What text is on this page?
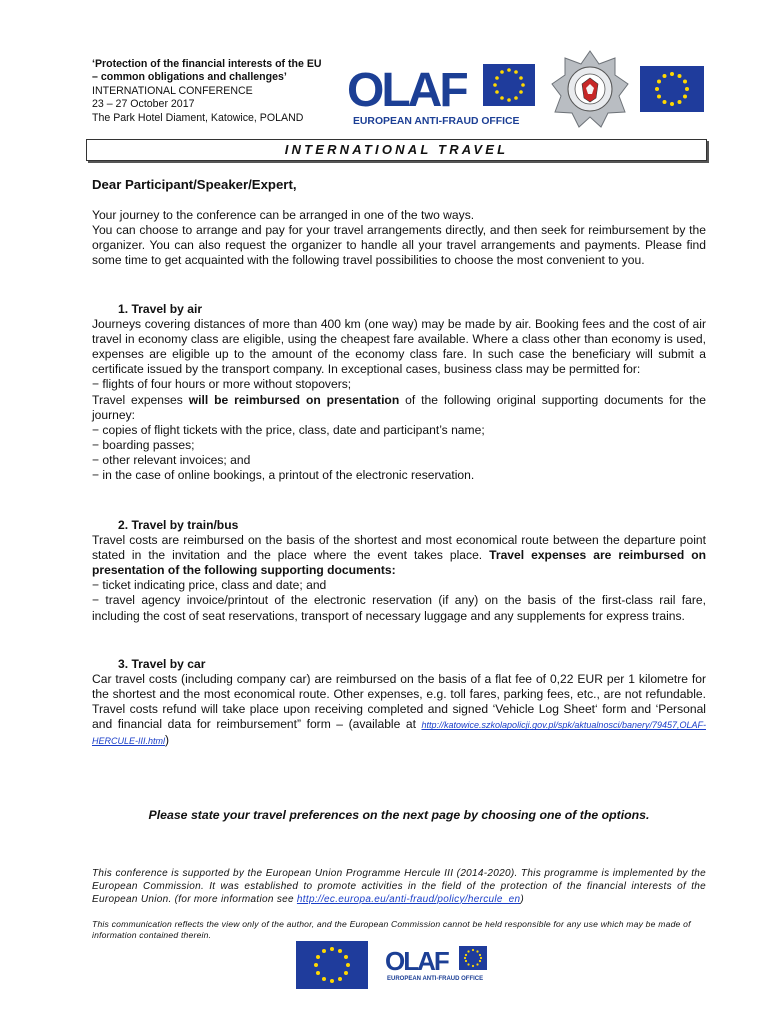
‘Protection of the financial interests of the EU
– common obligations and challenges’
INTERNATIONAL CONFERENCE
23 – 27 October 2017
The Park Hotel Diament, Katowice, POLAND
OLAF
EUROPEAN ANTI-FRAUD OFFICE
INTERNATIONAL TRAVEL
Dear Participant/Speaker/Expert,

Your journey to the conference can be arranged in one of the two ways.

You can choose to arrange and pay for your travel arrangements directly, and then seek for reimbursement by the organizer. You can also request the organizer to handle all your travel arrangements and payments. Please find some time to get acquainted with the following travel possibilities to choose the most convenient to you.

1. Travel by air

Journeys covering distances of more than 400 km (one way) may be made by air. Booking fees and the cost of air travel in economy class are eligible, using the cheapest fare available. Where a class other than economy is used, expenses are eligible up to the amount of the economy class fare. In such case the beneficiary will submit a certificate issued by the transport company. In exceptional cases, business class may be permitted for:

− flights of four hours or more without stopovers;

Travel expenses will be reimbursed on presentation of the following original supporting documents for the journey:

− copies of flight tickets with the price, class, date and participant’s name;

− boarding passes;

− other relevant invoices; and

− in the case of online bookings, a printout of the electronic reservation.

2. Travel by train/bus

Travel costs are reimbursed on the basis of the shortest and most economical route between the departure point stated in the invitation and the place where the event takes place. Travel expenses are reimbursed on presentation of the following supporting documents:

− ticket indicating price, class and date; and

− travel agency invoice/printout of the electronic reservation (if any) on the basis of the first-class rail fare, including the cost of seat reservations, transport of necessary luggage and any supplements for express trains.

3. Travel by car

Car travel costs (including company car) are reimbursed on the basis of a flat fee of 0,22 EUR per 1 kilometre for the shortest and the most economical route. Other expenses, e.g. toll fares, parking fees, etc., are not refundable. Travel costs refund will take place upon receiving completed and signed ‘Vehicle Log Sheet‘ form and ‘Personal and financial data for reimbursement” form – (available at http://katowice.szkolapolicji.gov.pl/spk/aktualnosci/banery/79457,OLAF-HERCULE-III.html)

Please state your travel preferences on the next page by choosing one of the options.
This conference is supported by the European Union Programme Hercule III (2014-2020). This programme is implemented by the European Commission. It was established to promote activities in the field of the protection of the financial interests of the European Union. (for more information see http://ec.europa.eu/anti-fraud/policy/hercule_en)
This communication reflects the view only of the author, and the European Commission cannot be held responsible for any use which may be made of information contained therein.
OLAF
EUROPEAN ANTI-FRAUD OFFICE
